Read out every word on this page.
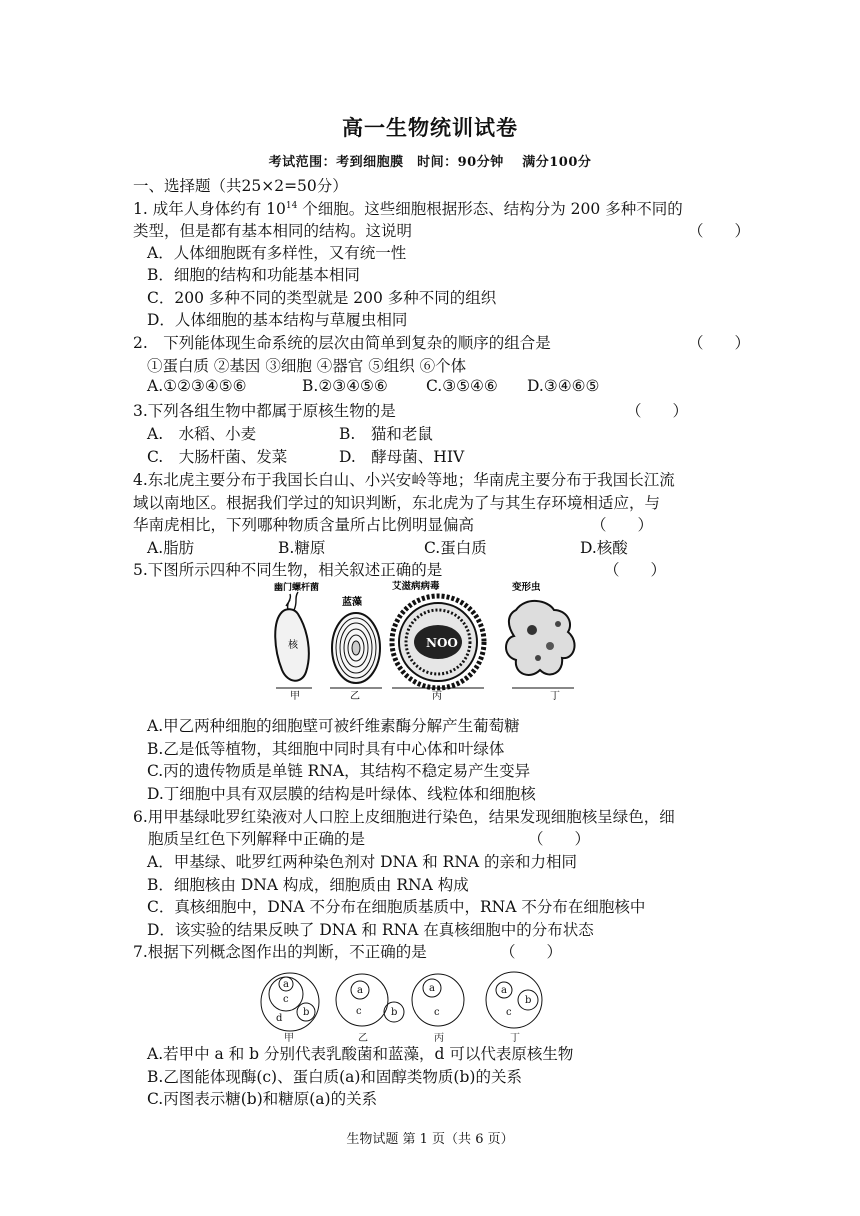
高一生物统训试卷
考试范围：考到细胞膜　时间：90分钟　 满分100分
一、选择题（共25×2=50分）
1. 成年人身体约有 $10^{14}$ 个细胞。这些细胞根据形态、结构分为 200 多种不同的
类型，但是都有基本相同的结构。这说明	（　　）
A．人体细胞既有多样性，又有统一性
B．细胞的结构和功能基本相同
C．200 多种不同的类型就是 200 多种不同的组织
D．人体细胞的基本结构与草履虫相同
2.　下列能体现生命系统的层次由简单到复杂的顺序的组合是	（　　）
①蛋白质 ②基因 ③细胞 ④器官 ⑤组织 ⑥个体
A.①②③④⑤⑥	B.②③④⑤⑥ C.③⑤④⑥ D.③④⑥⑤
3.下列各组生物中都属于原核生物的是	（　　）
A.　水稻、小麦	B.　猫和老鼠
C.　大肠杆菌、发菜	D.　酵母菌、HIV
4.东北虎主要分布于我国长白山、小兴安岭等地；华南虎主要分布于我国长江流
域以南地区。根据我们学过的知识判断，东北虎为了与其生存环境相适应，与
华南虎相比，下列哪种物质含量所占比例明显偏高	（　　）
A.脂肪	B.糖原	C.蛋白质	D.核酸
5.下图所示四种不同生物，相关叙述正确的是	（　　）
幽门螺杆菌
蓝藻
艾滋病病毒	变形虫
核	NOO
甲	乙	丙	丁
A.甲乙两种细胞的细胞壁可被纤维素酶分解产生葡萄糖
B.乙是低等植物，其细胞中同时具有中心体和叶绿体
C.丙的遗传物质是单链 RNA，其结构不稳定易产生变异
D.丁细胞中具有双层膜的结构是叶绿体、线粒体和细胞核
6.用甲基绿吡罗红染液对人口腔上皮细胞进行染色，结果发现细胞核呈绿色，细
胞质呈红色下列解释中正确的是	（　　）
A．甲基绿、吡罗红两种染色剂对 DNA 和 RNA 的亲和力相同
B．细胞核由 DNA 构成，细胞质由 RNA 构成
C．真核细胞中，DNA 不分布在细胞质基质中，RNA 不分布在细胞核中
D．该实验的结果反映了 DNA 和 RNA 在真核细胞中的分布状态
7.根据下列概念图作出的判断，不正确的是	（　　）
a
c
b
d
甲
a
c	b
乙
a
c
丙
a
b
c
丁
A.若甲中 a 和 b 分别代表乳酸菌和蓝藻，d 可以代表原核生物
B.乙图能体现酶(c)、蛋白质(a)和固醇类物质(b)的关系
C.丙图表示糖(b)和糖原(a)的关系
生物试题 第 1 页（共 6 页）
